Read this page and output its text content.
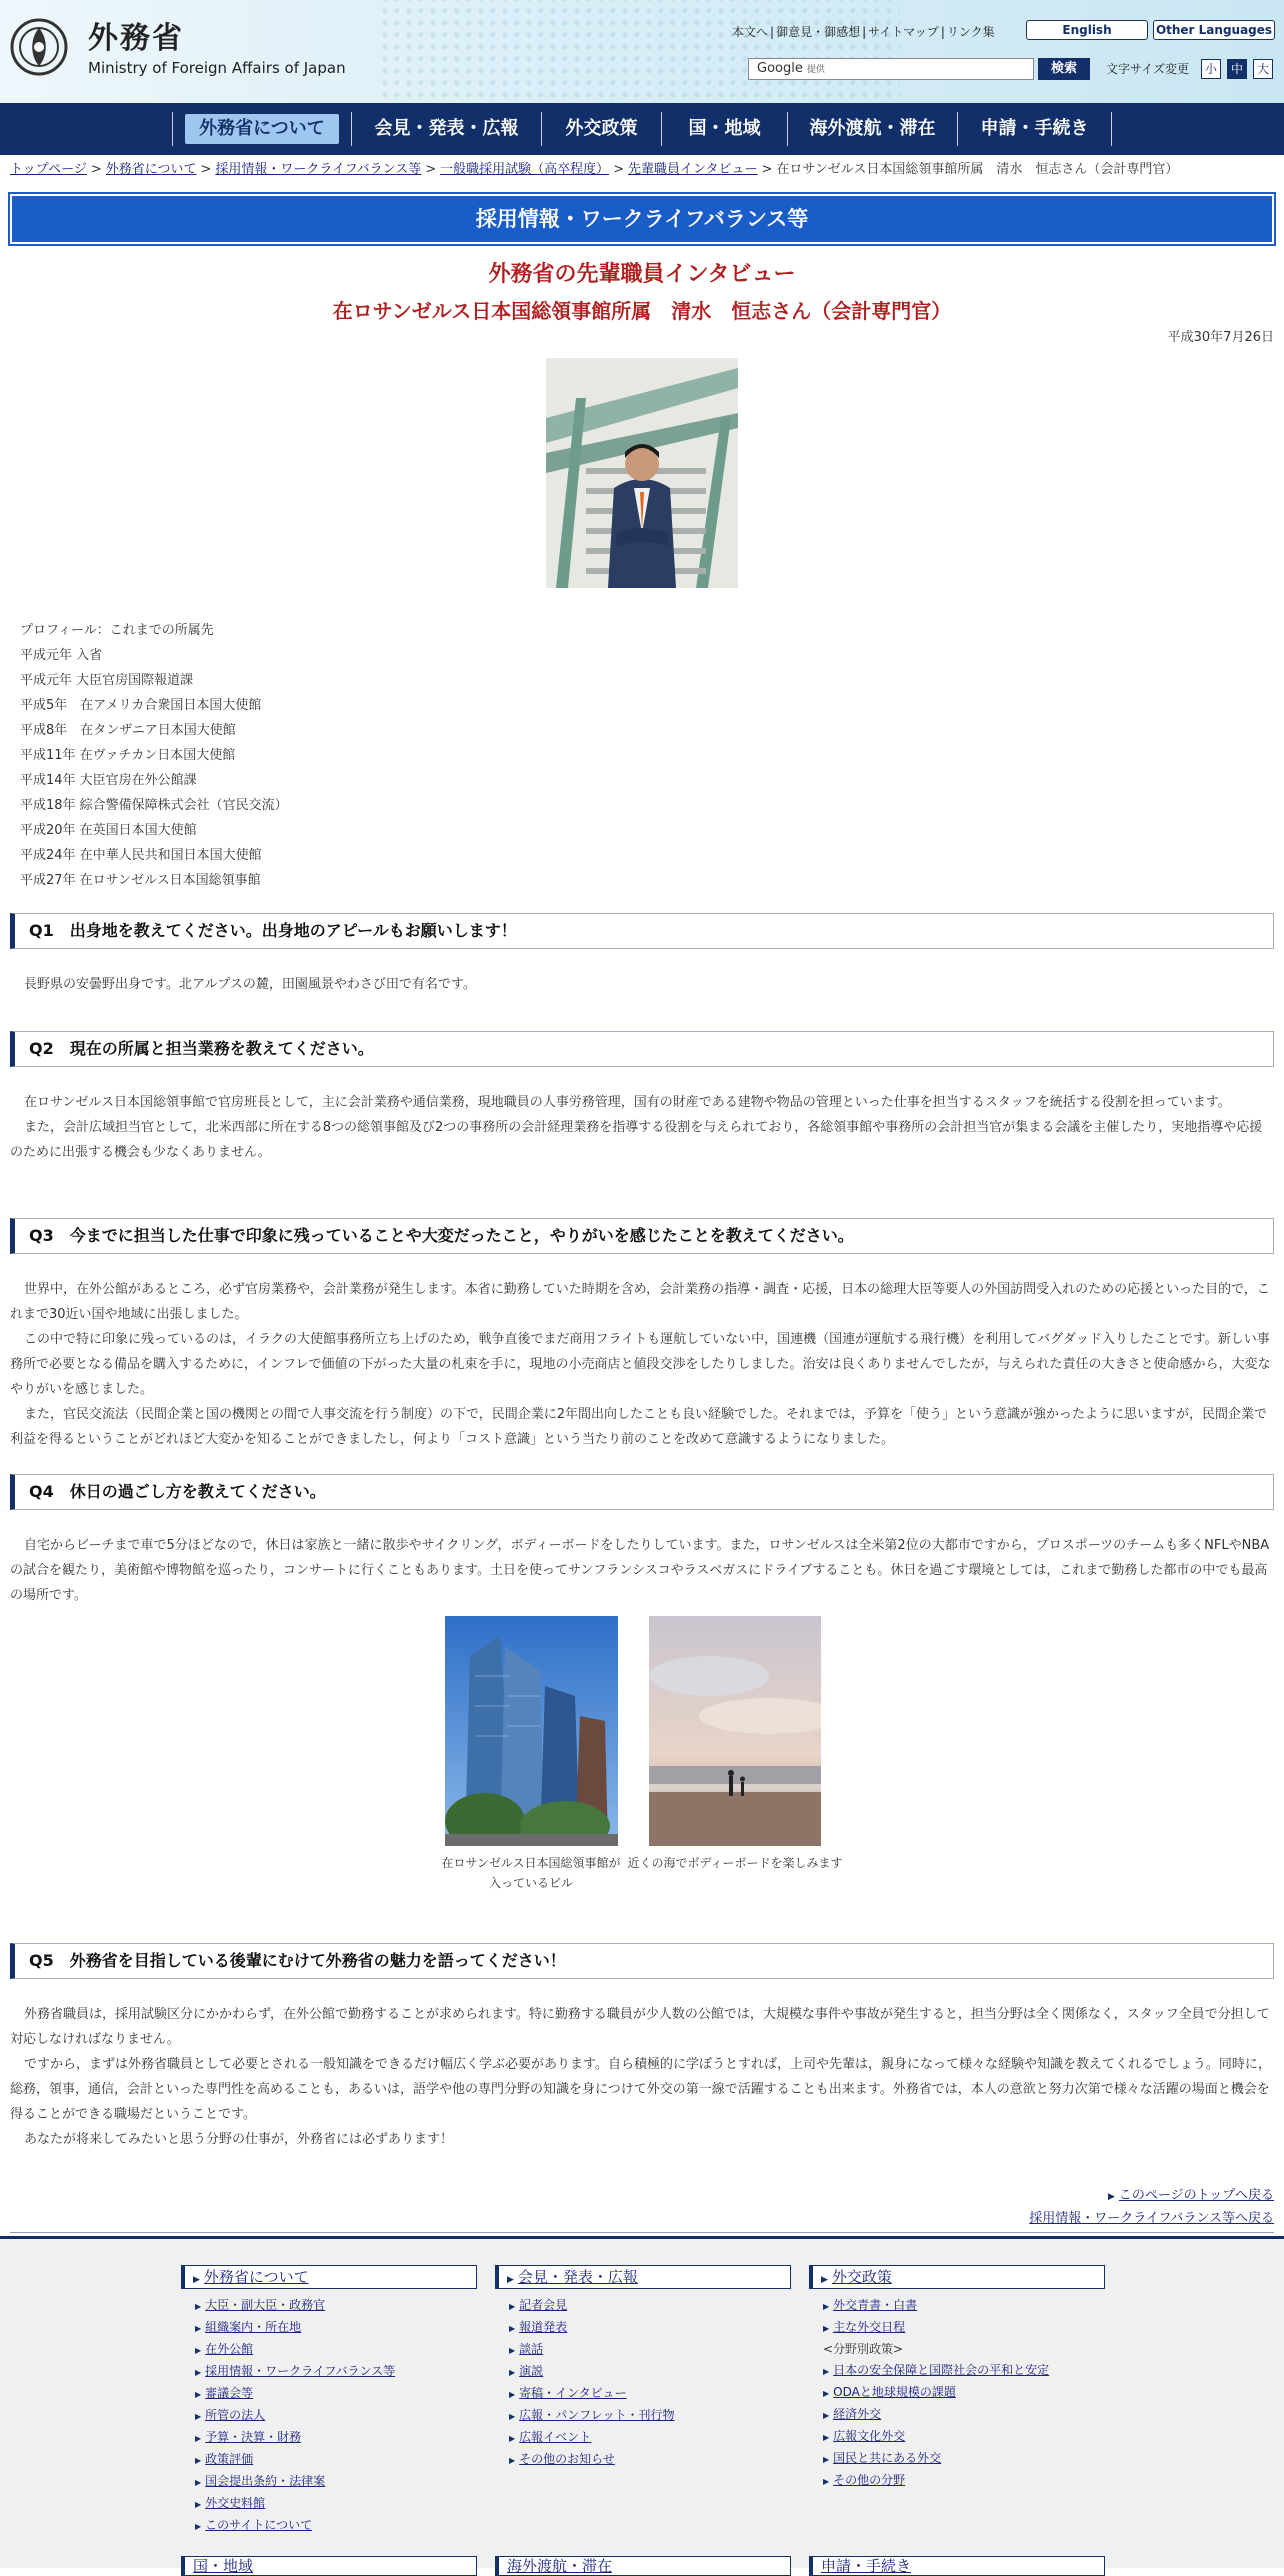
外務省
Ministry of Foreign Affairs of Japan
本文へ | 御意見・御感想 | サイトマップ | リンク集	English	Other Languages
Google 提供	検索	文字サイズ変更	小	中	大
外務省について	会見・発表・広報	外交政策	国・地域	海外渡航・滞在	申請・手続き
トップページ > 外務省について > 採用情報・ワークライフバランス等 > 一般職採用試験（高卒程度） > 先輩職員インタビュー > 在ロサンゼルス日本国総領事館所属　清水　恒志さん（会計専門官）
採用情報・ワークライフバランス等
外務省の先輩職員インタビュー
在ロサンゼルス日本国総領事館所属　清水　恒志さん（会計専門官）
平成30年7月26日
プロフィール：これまでの所属先
平成元年 入省
平成元年 大臣官房国際報道課
平成5年　在アメリカ合衆国日本国大使館
平成8年　在タンザニア日本国大使館
平成11年 在ヴァチカン日本国大使館
平成14年 大臣官房在外公館課
平成18年 綜合警備保障株式会社（官民交流）
平成20年 在英国日本国大使館
平成24年 在中華人民共和国日本国大使館
平成27年 在ロサンゼルス日本国総領事館
Q1　出身地を教えてください。出身地のアピールもお願いします！

長野県の安曇野出身です。北アルプスの麓，田園風景やわさび田で有名です。

Q2　現在の所属と担当業務を教えてください。

在ロサンゼルス日本国総領事館で官房班長として，主に会計業務や通信業務，現地職員の人事労務管理，国有の財産である建物や物品の管理といった仕事を担当するスタッフを統括する役割を担っています。

また，会計広域担当官として，北米西部に所在する8つの総領事館及び2つの事務所の会計経理業務を指導する役割を与えられており，各総領事館や事務所の会計担当官が集まる会議を主催したり，実地指導や応援のために出張する機会も少なくありません。

Q3　今までに担当した仕事で印象に残っていることや大変だったこと，やりがいを感じたことを教えてください。

世界中，在外公館があるところ，必ず官房業務や，会計業務が発生します。本省に勤務していた時期を含め，会計業務の指導・調査・応援，日本の総理大臣等要人の外国訪問受入れのための応援といった目的で，これまで30近い国や地域に出張しました。

この中で特に印象に残っているのは，イラクの大使館事務所立ち上げのため，戦争直後でまだ商用フライトも運航していない中，国連機（国連が運航する飛行機）を利用してバグダッド入りしたことです。新しい事務所で必要となる備品を購入するために，インフレで価値の下がった大量の札束を手に，現地の小売商店と値段交渉をしたりしました。治安は良くありませんでしたが，与えられた責任の大きさと使命感から，大変なやりがいを感じました。

また，官民交流法（民間企業と国の機関との間で人事交流を行う制度）の下で，民間企業に2年間出向したことも良い経験でした。それまでは，予算を「使う」という意識が強かったように思いますが，民間企業で利益を得るということがどれほど大変かを知ることができましたし，何より「コスト意識」という当たり前のことを改めて意識するようになりました。

Q4　休日の過ごし方を教えてください。

自宅からビーチまで車で5分ほどなので，休日は家族と一緒に散歩やサイクリング，ボディーボードをしたりしています。また，ロサンゼルスは全米第2位の大都市ですから，プロスポーツのチームも多くNFLやNBAの試合を観たり，美術館や博物館を巡ったり，コンサートに行くこともあります。土日を使ってサンフランシスコやラスベガスにドライブすることも。休日を過ごす環境としては，これまで勤務した都市の中でも最高の場所です。

在ロサンゼルス日本国総領事館が入っているビル
近くの海でボディーボードを楽しみます
Q5　外務省を目指している後輩にむけて外務省の魅力を語ってください！

外務省職員は，採用試験区分にかかわらず，在外公館で勤務することが求められます。特に勤務する職員が少人数の公館では，大規模な事件や事故が発生すると，担当分野は全く関係なく，スタッフ全員で分担して対応しなければなりません。

ですから，まずは外務省職員として必要とされる一般知識をできるだけ幅広く学ぶ必要があります。自ら積極的に学ぼうとすれば，上司や先輩は，親身になって様々な経験や知識を教えてくれるでしょう。同時に，総務，領事，通信，会計といった専門性を高めることも，あるいは，語学や他の専門分野の知識を身につけて外交の第一線で活躍することも出来ます。外務省では，本人の意欲と努力次第で様々な活躍の場面と機会を得ることができる職場だということです。

あなたが将来してみたいと思う分野の仕事が，外務省には必ずあります！

▶ このページのトップへ戻る
採用情報・ワークライフバランス等へ戻る
▶ 外務省について
▶ 大臣・副大臣・政務官
▶ 組織案内・所在地
▶ 在外公館
▶ 採用情報・ワークライフバランス等
▶ 審議会等
▶ 所管の法人
▶ 予算・決算・財務
▶ 政策評価
▶ 国会提出条約・法律案
▶ 外交史料館
▶ このサイトについて
▶ 会見・発表・広報
▶ 記者会見
▶ 報道発表
▶ 談話
▶ 演説
▶ 寄稿・インタビュー
▶ 広報・パンフレット・刊行物
▶ 広報イベント
▶ その他のお知らせ
▶ 外交政策
▶ 外交青書・白書
▶ 主な外交日程
<分野別政策>
▶ 日本の安全保障と国際社会の平和と安定
▶ ODAと地球規模の課題
▶ 経済外交
▶ 広報文化外交
▶ 国民と共にある外交
▶ その他の分野
国・地域	海外渡航・滞在	申請・手続き
